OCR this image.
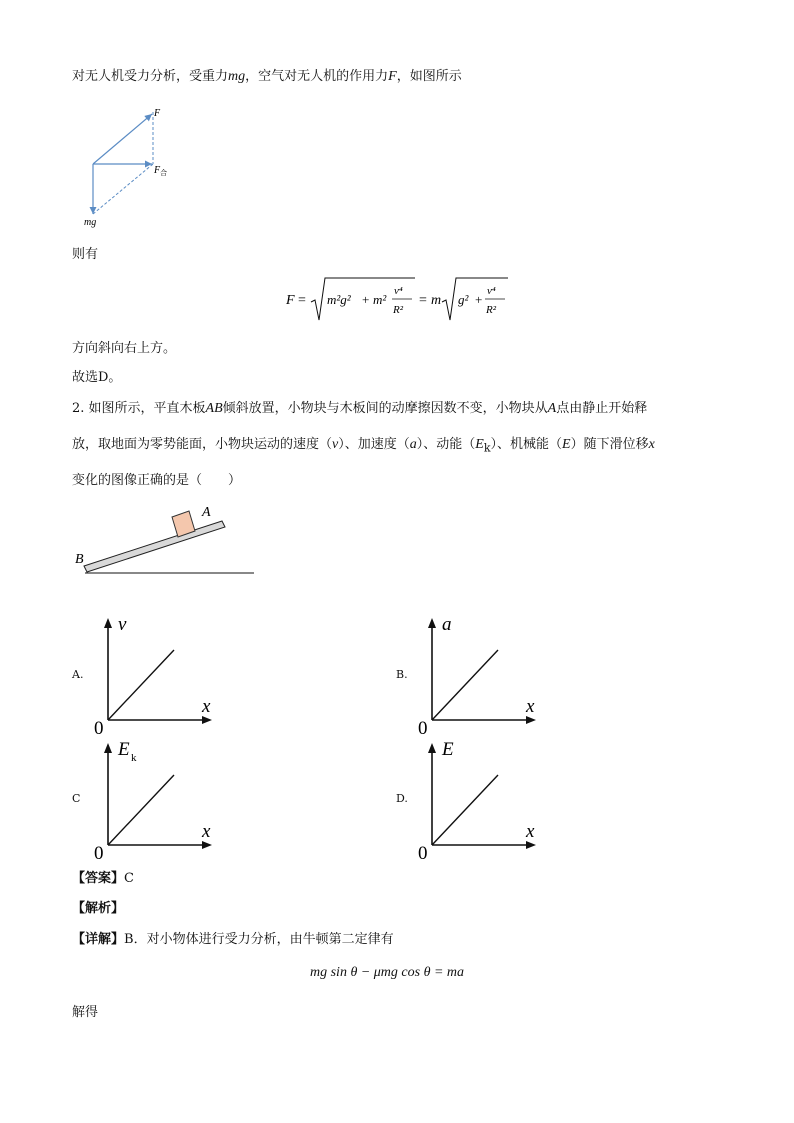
对无人机受力分析，受重力mg，空气对无人机的作用力F，如图所示
F
$F_合$
mg
则有
F = m²g² + m²
v⁴
R²
= m g² +
v⁴
R²
方向斜向右上方。
故选D。
2. 如图所示，平直木板AB倾斜放置，小物块与木板间的动摩擦因数不变，小物块从A点由静止开始释
放，取地面为零势能面，小物块运动的速度（v）、加速度（a）、动能$(E_k)$、机械能（E）随下滑位移x
变化的图像正确的是（　　）
A
B
A.
v
x
0
B.
a
x
0
C
E k
x
0
D.
E
x
0
【答案】C
【解析】
【详解】B．对小物体进行受力分析，由牛顿第二定律有
mg sin θ − μmg cos θ = ma
解得
